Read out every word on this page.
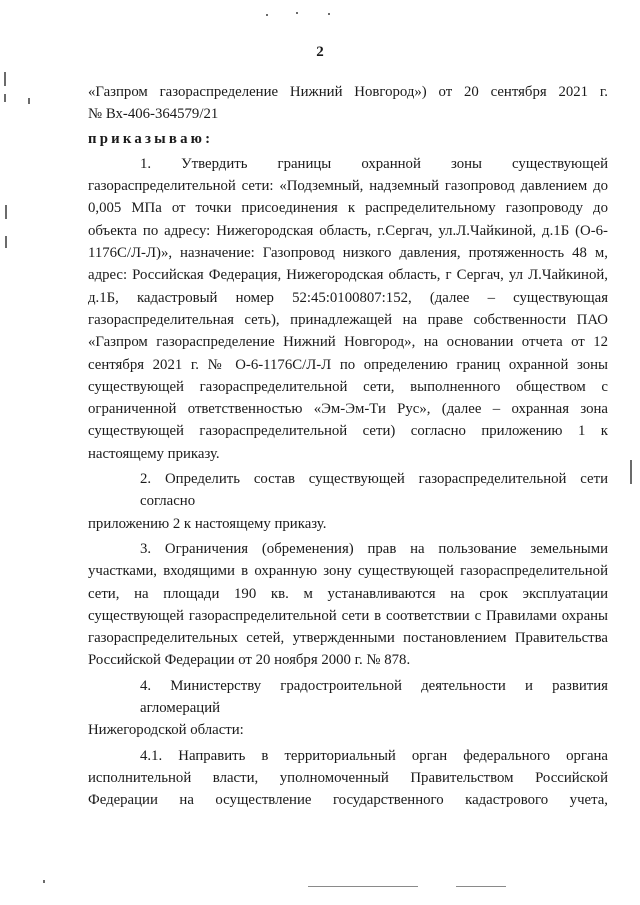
2

«Газпром газораспределение Нижний Новгород») от 20 сентября 2021 г.
№ Вх-406-364579/21

приказываю:

1. Утвердить границы охранной зоны существующей
газораспределительной сети: «Подземный, надземный газопровод давлением до
0,005 МПа от точки присоединения к распределительному газопроводу до
объекта по адресу: Нижегородская область, г.Сергач, ул.Л.Чайкиной, д.1Б (О-6-
1176С/Л-Л)», назначение: Газопровод низкого давления, протяженность 48 м,
адрес: Российская Федерация, Нижегородская область, г Сергач, ул Л.Чайкиной,
д.1Б, кадастровый номер 52:45:0100807:152, (далее – существующая
газораспределительная сеть), принадлежащей на праве собственности ПАО
«Газпром газораспределение Нижний Новгород», на основании отчета от 12
сентября 2021 г. № О-6-1176С/Л-Л по определению границ охранной зоны
существующей газораспределительной сети, выполненного обществом с
ограниченной ответственностью «Эм-Эм-Ти Рус», (далее – охранная зона
существующей газораспределительной сети) согласно приложению 1 к
настоящему приказу.

2. Определить состав существующей газораспределительной сети согласно
приложению 2 к настоящему приказу.

3. Ограничения (обременения) прав на пользование земельными
участками, входящими в охранную зону существующей газораспределительной
сети, на площади 190 кв. м устанавливаются на срок эксплуатации
существующей газораспределительной сети в соответствии с Правилами охраны
газораспределительных сетей, утвержденными постановлением Правительства
Российской Федерации от 20 ноября 2000 г. № 878.

4. Министерству градостроительной деятельности и развития агломераций
Нижегородской области:

4.1. Направить в территориальный орган федерального органа
исполнительной власти, уполномоченный Правительством Российской
Федерации на осуществление государственного кадастрового учета,
